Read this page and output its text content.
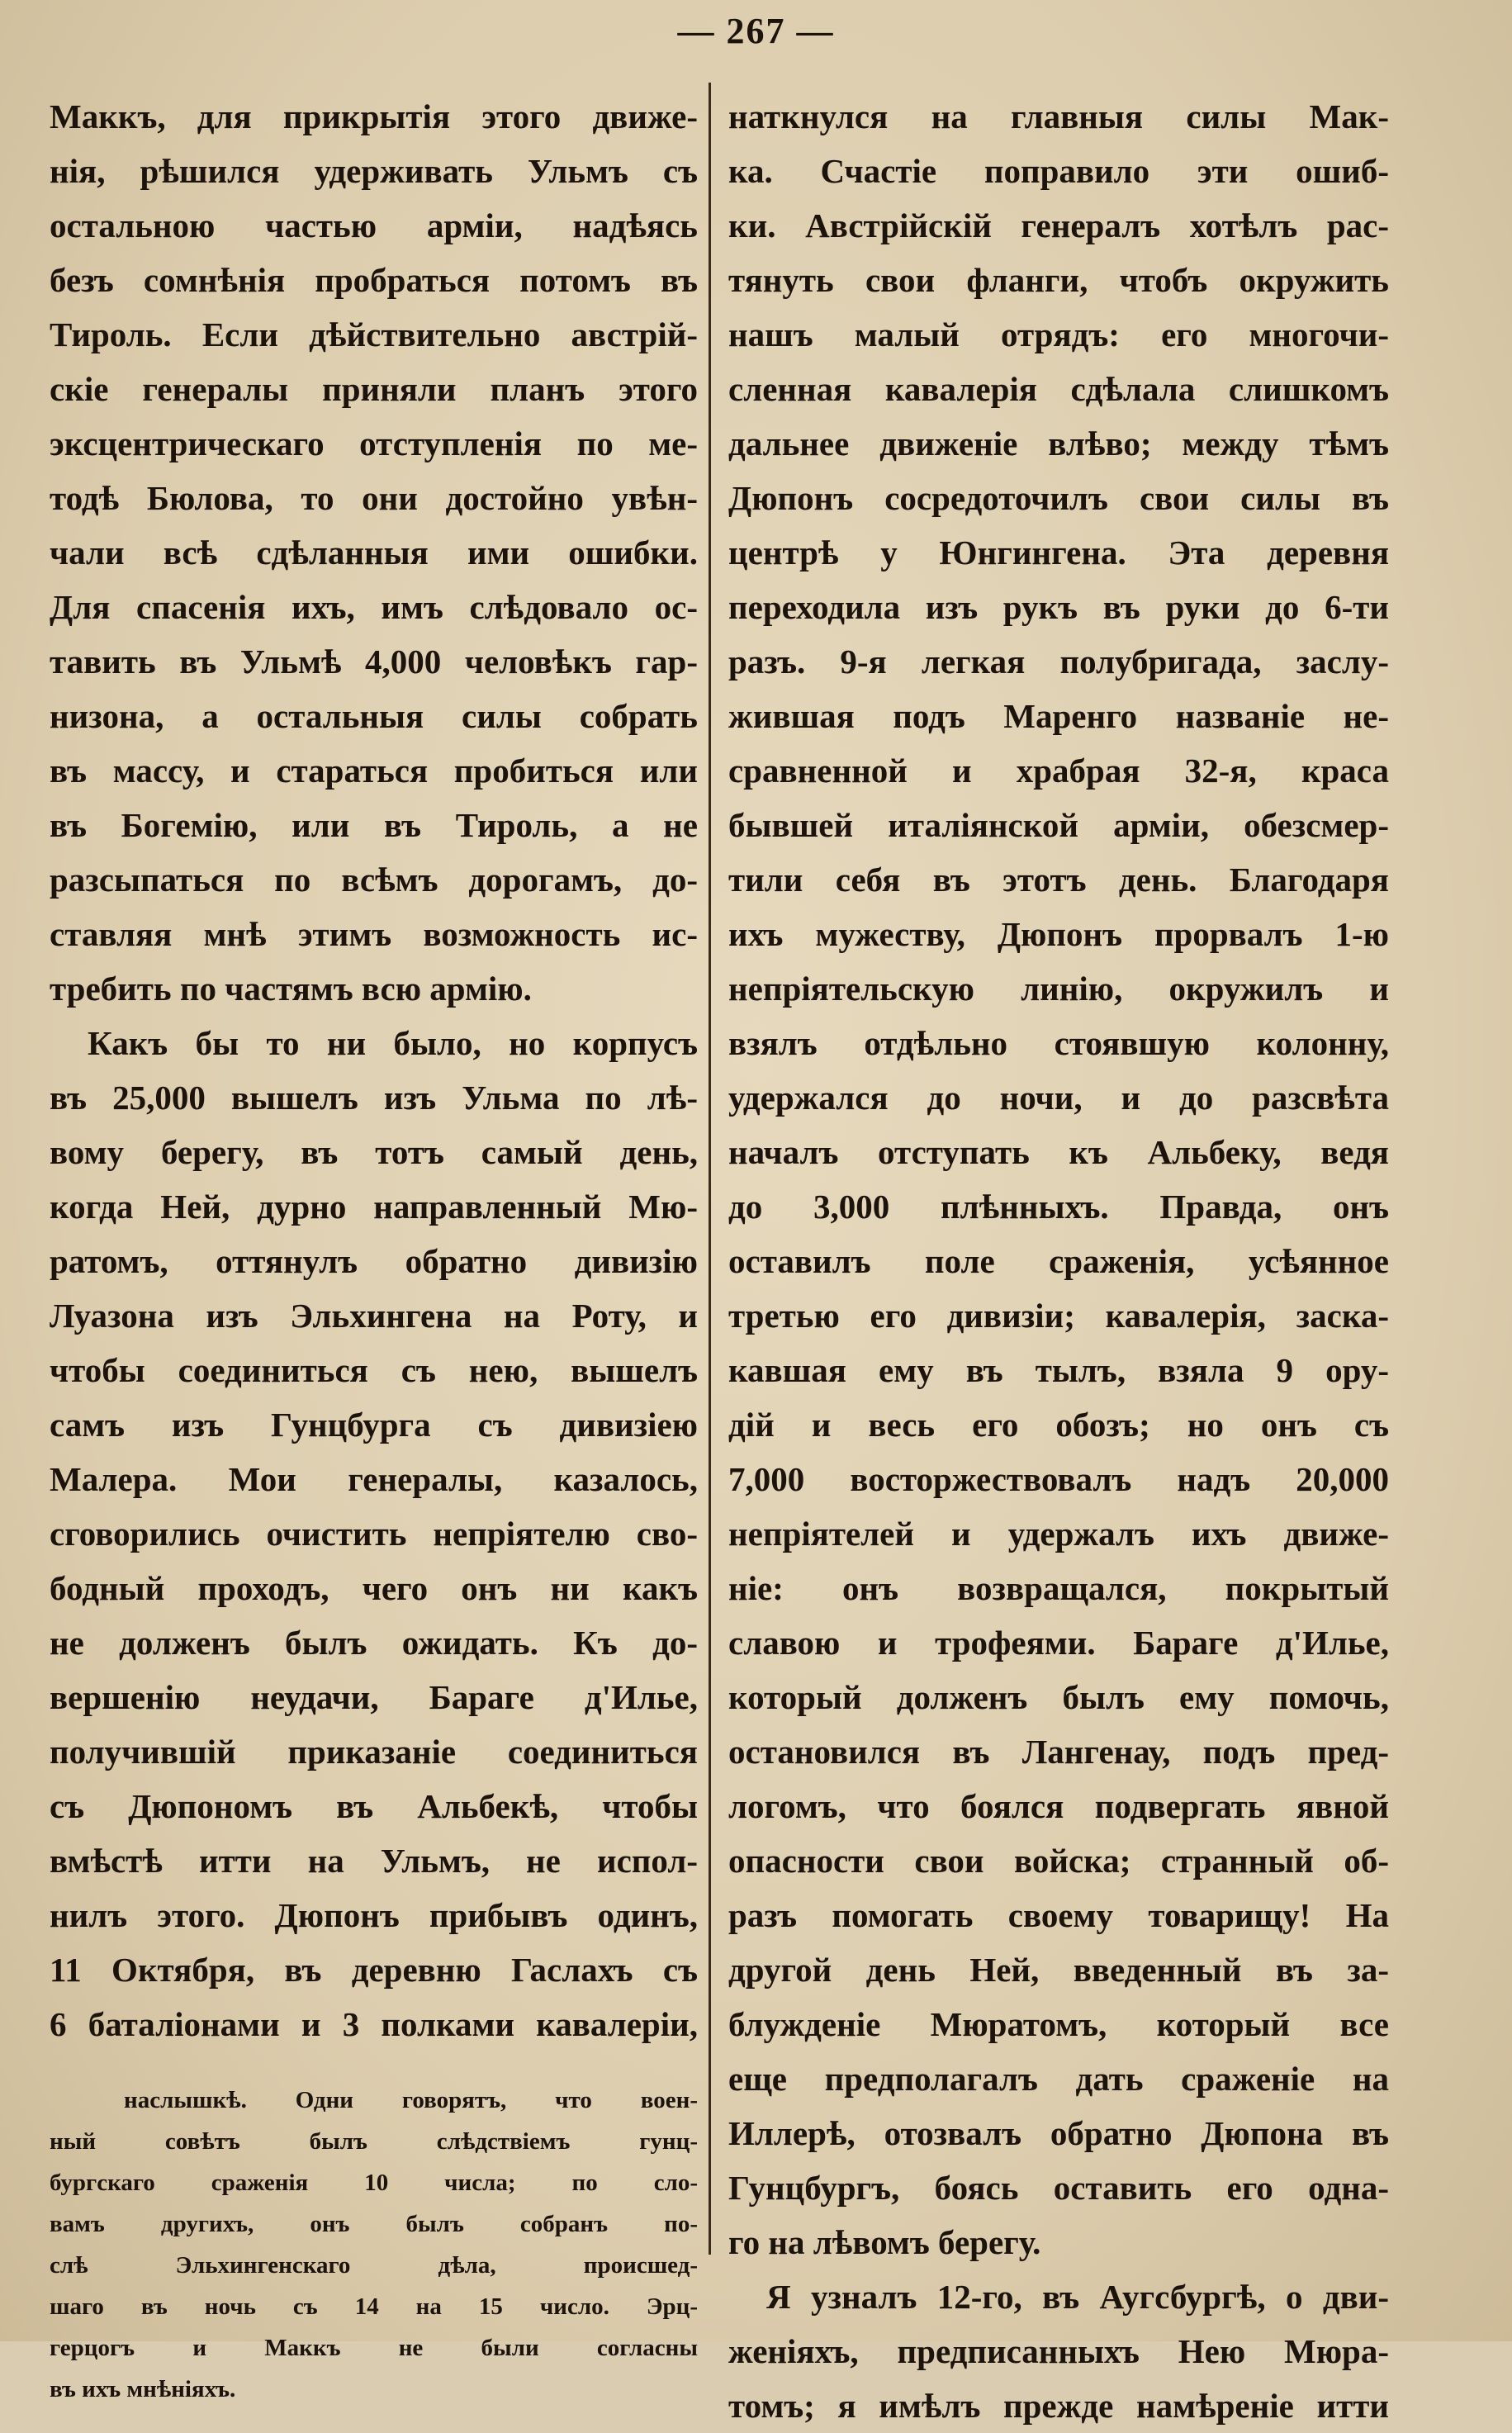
— 267 —
Маккъ, для прикрытія этого движе-
нія, рѣшился удерживать Ульмъ съ
остальною частью арміи, надѣясь
безъ сомнѣнія пробраться потомъ въ
Тироль. Если дѣйствительно австрій-
скіе генералы приняли планъ этого
эксцентрическаго отступленія по ме-
тодѣ Бюлова, то они достойно увѣн-
чали всѣ сдѣланныя ими ошибки.
Для спасенія ихъ, имъ слѣдовало ос-
тавить въ Ульмѣ 4,000 человѣкъ гар-
низона, а остальныя силы собрать
въ массу, и стараться пробиться или
въ Богемію, или въ Тироль, а не
разсыпаться по всѣмъ дорогамъ, до-
ставляя мнѣ этимъ возможность ис-
требить по частямъ всю армію.
Какъ бы то ни было, но корпусъ
въ 25,000 вышелъ изъ Ульма по лѣ-
вому берегу, въ тотъ самый день,
когда Ней, дурно направленный Мю-
ратомъ, оттянулъ обратно дивизію
Луазона изъ Эльхингена на Роту, и
чтобы соединиться съ нею, вышелъ
самъ изъ Гунцбурга съ дивизіею
Малера. Мои генералы, казалось,
сговорились очистить непріятелю сво-
бодный проходъ, чего онъ ни какъ
не долженъ былъ ожидать. Къ до-
вершенію неудачи, Бараге д'Илье,
получившій приказаніе соединиться
съ Дюпономъ въ Альбекѣ, чтобы
вмѣстѣ итти на Ульмъ, не испол-
нилъ этого. Дюпонъ прибывъ одинъ,
11 Октября, въ деревню Гаслахъ съ
6 баталіонами и 3 полками кавалеріи,
наслышкѣ. Одни говорятъ, что воен-
ный совѣтъ былъ слѣдствіемъ гунц-
бургскаго сраженія 10 числа; по сло-
вамъ другихъ, онъ былъ собранъ по-
слѣ Эльхингенскаго дѣла, происшед-
шаго въ ночь съ 14 на 15 число. Эрц-
герцогъ и Маккъ не были согласны
въ ихъ мнѣніяхъ.
наткнулся на главныя силы Мак-
ка. Счастіе поправило эти ошиб-
ки. Австрійскій генералъ хотѣлъ рас-
тянуть свои фланги, чтобъ окружить
нашъ малый отрядъ: его многочи-
сленная кавалерія сдѣлала слишкомъ
дальнее движеніе влѣво; между тѣмъ
Дюпонъ сосредоточилъ свои силы въ
центрѣ у Юнгингена. Эта деревня
переходила изъ рукъ въ руки до 6-ти
разъ. 9-я легкая полубригада, заслу-
жившая подъ Маренго названіе не-
сравненной и храбрая 32-я, краса
бывшей италіянской арміи, обезсмер-
тили себя въ этотъ день. Благодаря
ихъ мужеству, Дюпонъ прорвалъ 1-ю
непріятельскую линію, окружилъ и
взялъ отдѣльно стоявшую колонну,
удержался до ночи, и до разсвѣта
началъ отступать къ Альбеку, ведя
до 3,000 плѣнныхъ. Правда, онъ
оставилъ поле сраженія, усѣянное
третью его дивизіи; кавалерія, заска-
кавшая ему въ тылъ, взяла 9 ору-
дій и весь его обозъ; но онъ съ
7,000 восторжествовалъ надъ 20,000
непріятелей и удержалъ ихъ движе-
ніе: онъ возвращался, покрытый
славою и трофеями. Бараге д'Илье,
который долженъ былъ ему помочь,
остановился въ Лангенау, подъ пред-
логомъ, что боялся подвергать явной
опасности свои войска; странный об-
разъ помогать своему товарищу! На
другой день Ней, введенный въ за-
блужденіе Мюратомъ, который все
еще предполагалъ дать сраженіе на
Иллерѣ, отозвалъ обратно Дюпона въ
Гунцбургъ, боясь оставить его одна-
го на лѣвомъ берегу.
Я узналъ 12-го, въ Аугсбургѣ, о дви-
женіяхъ, предписанныхъ Нею Мюра-
томъ; я имѣлъ прежде намѣреніе итти
